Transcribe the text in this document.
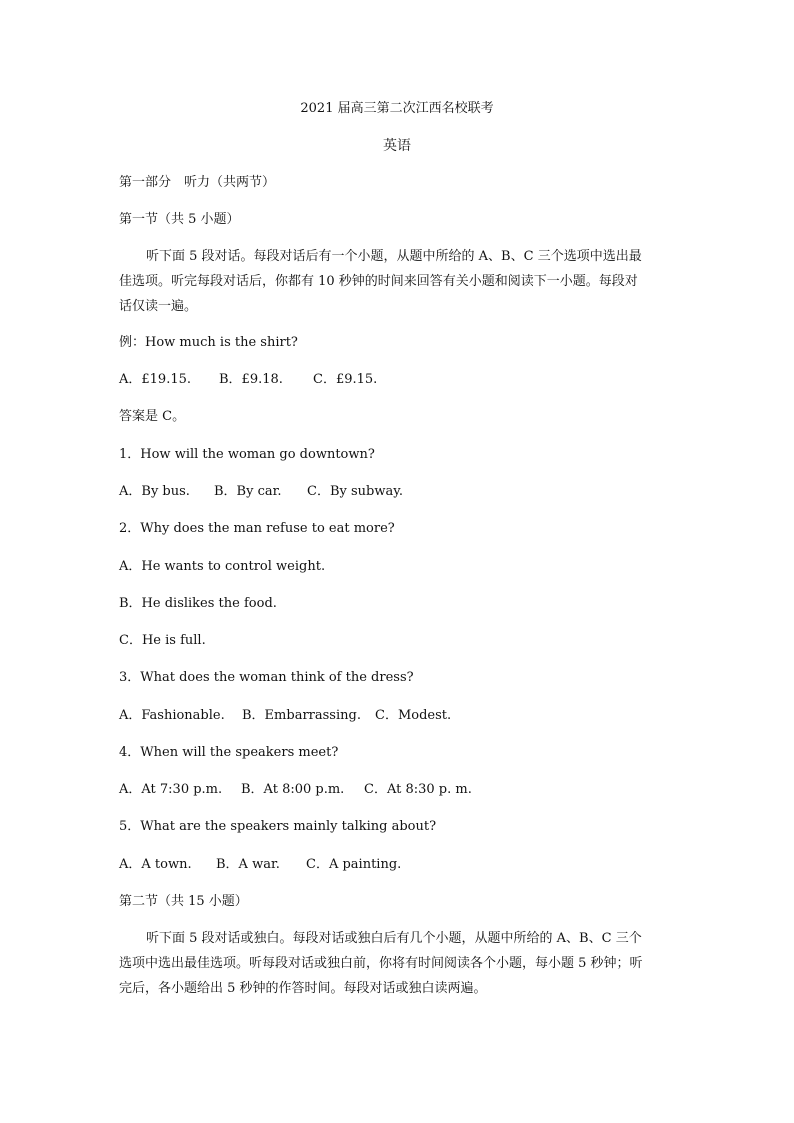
2021 届高三第二次江西名校联考
英语
第一部分　听力（共两节）
第一节（共 5 小题）
听下面 5 段对话。每段对话后有一个小题，从题中所给的 A、B、C 三个选项中选出最
佳选项。听完每段对话后，你都有 10 秒钟的时间来回答有关小题和阅读下一小题。每段对
话仅读一遍。
例：How much is the shirt?
A．£19.15. B．£9.18. C．£9.15.
答案是 C。
1．How will the woman go downtown?
A．By bus. B．By car. C．By subway.
2．Why does the man refuse to eat more?
A．He wants to control weight.
B．He dislikes the food.
C．He is full.
3．What does the woman think of the dress?
A．Fashionable. B．Embarrassing. C．Modest.
4．When will the speakers meet?
A．At 7:30 p.m. B．At 8:00 p.m. C．At 8:30 p. m.
5．What are the speakers mainly talking about?
A．A town. B．A war. C．A painting.
第二节（共 15 小题）
听下面 5 段对话或独白。每段对话或独白后有几个小题，从题中所给的 A、B、C 三个
选项中选出最佳选项。听每段对话或独白前，你将有时间阅读各个小题，每小题 5 秒钟；听
完后，各小题给出 5 秒钟的作答时间。每段对话或独白读两遍。
